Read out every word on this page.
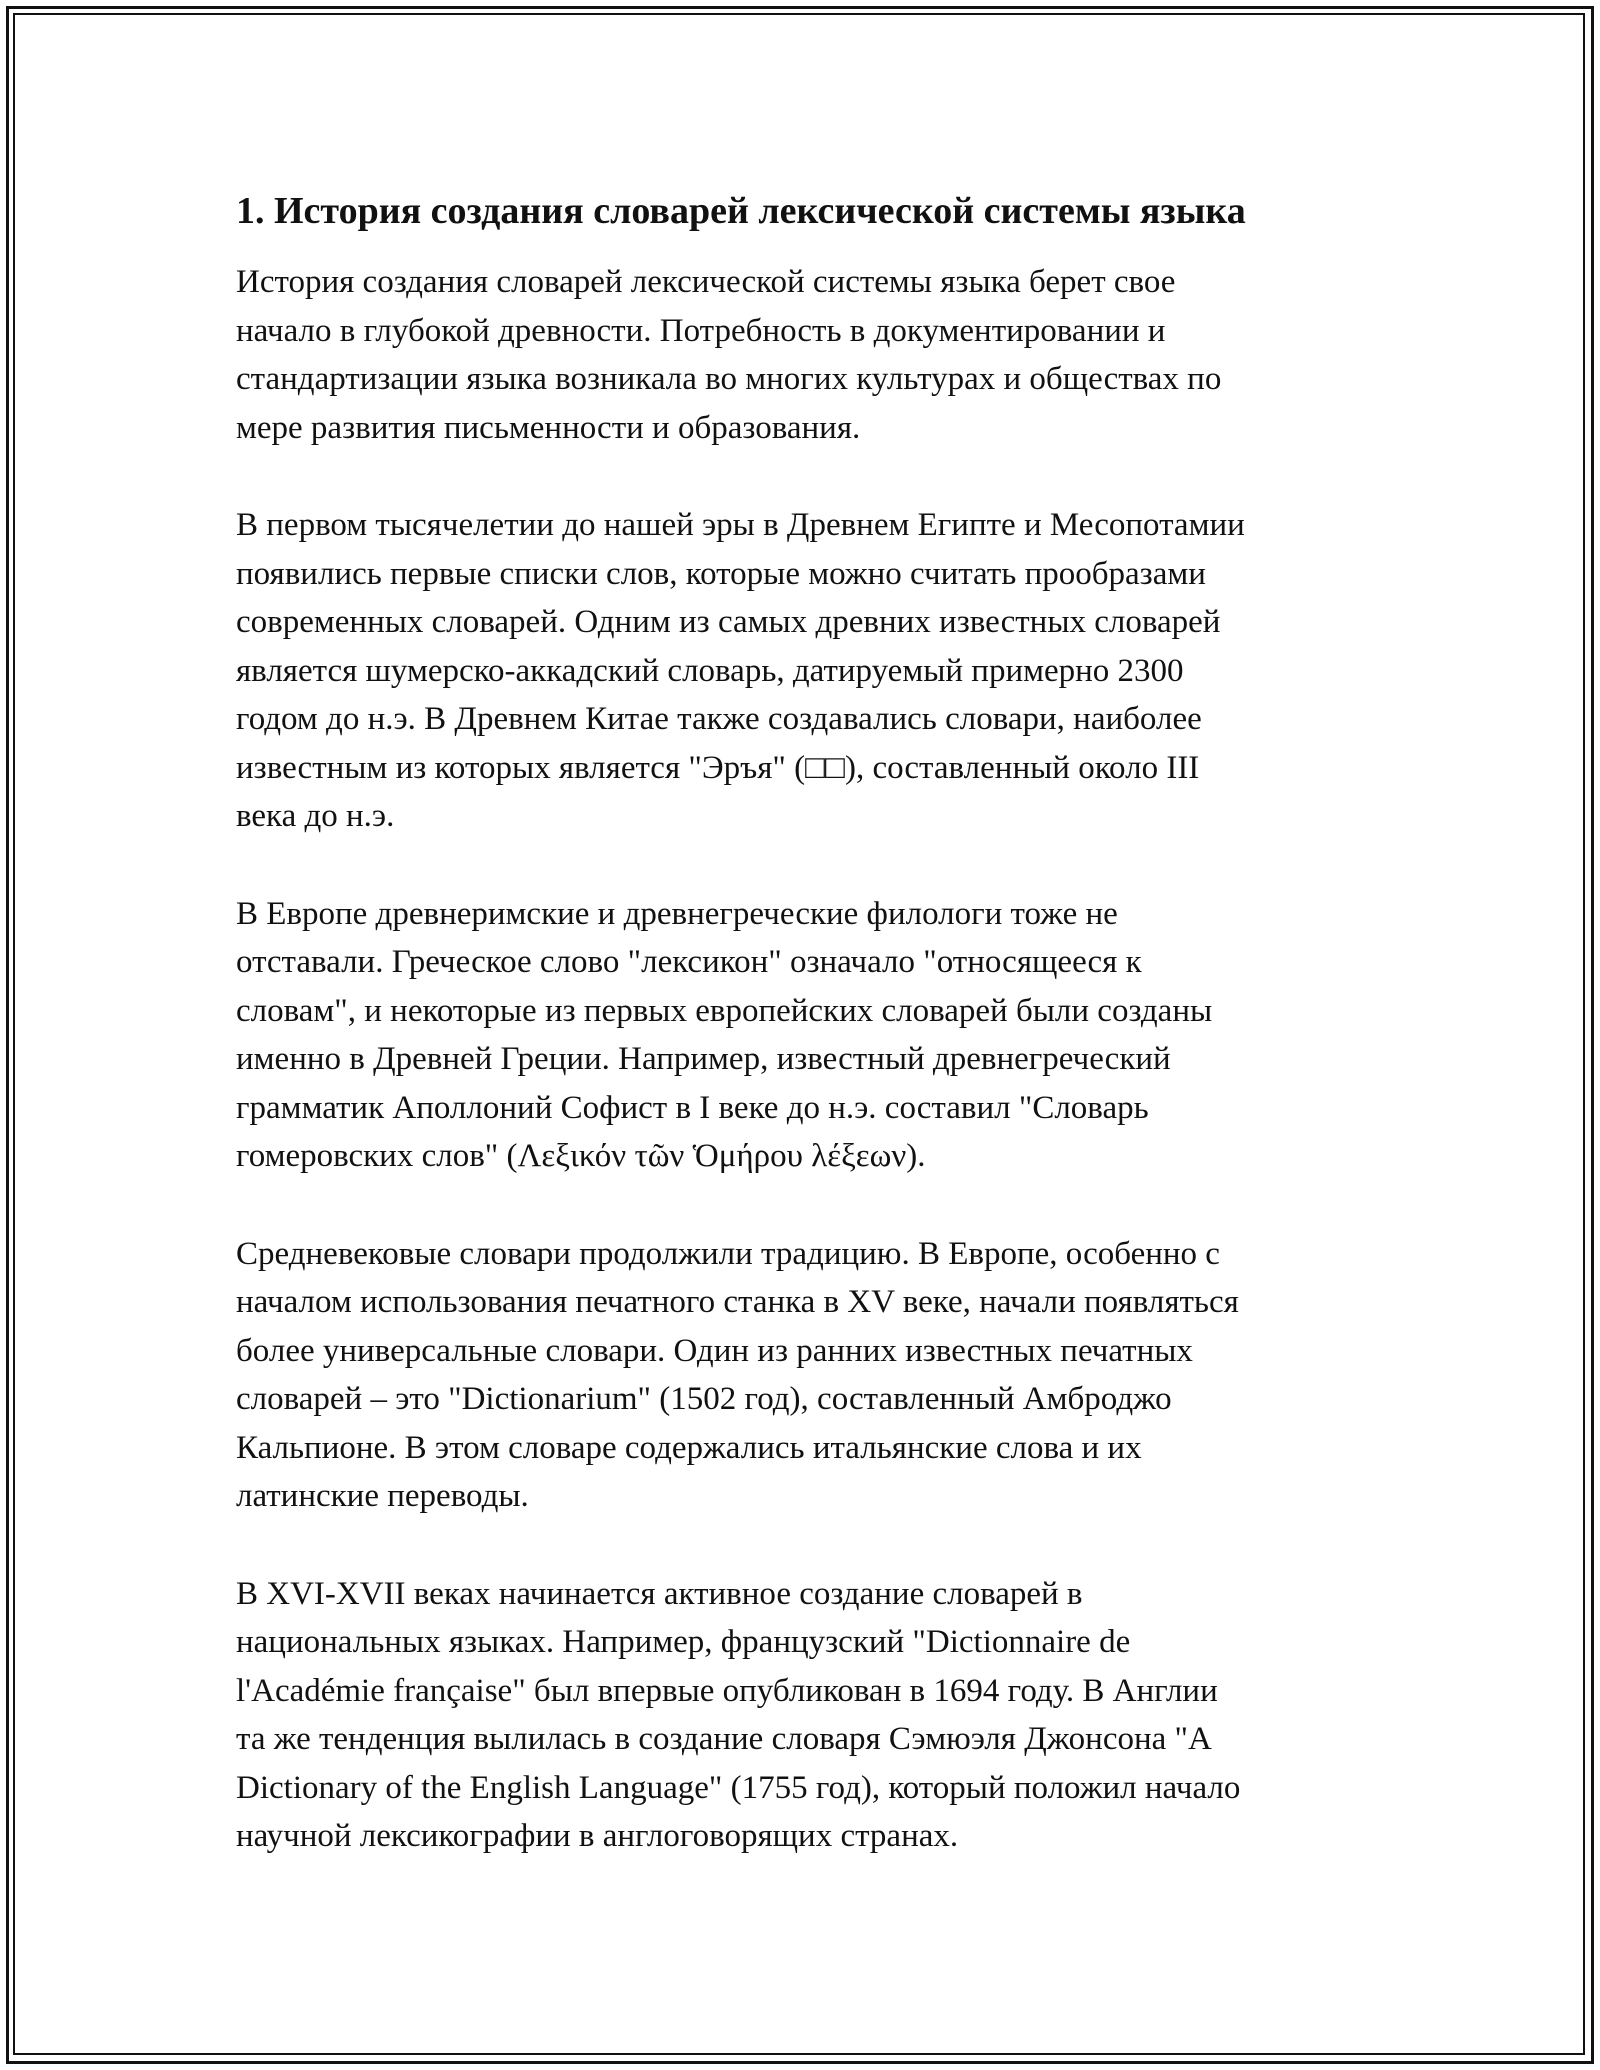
1. История создания словарей лексической системы языка
История создания словарей лексической системы языка берет свое
начало в глубокой древности. Потребность в документировании и
стандартизации языка возникала во многих культурах и обществах по
мере развития письменности и образования.
В первом тысячелетии до нашей эры в Древнем Египте и Месопотамии
появились первые списки слов, которые можно считать прообразами
современных словарей. Одним из самых древних известных словарей
является шумерско-аккадский словарь, датируемый примерно 2300
годом до н.э. В Древнем Китае также создавались словари, наиболее
известным из которых является "Эръя" (□□), составленный около III
века до н.э.
В Европе древнеримские и древнегреческие филологи тоже не
отставали. Греческое слово "лексикон" означало "относящееся к
словам", и некоторые из первых европейских словарей были созданы
именно в Древней Греции. Например, известный древнегреческий
грамматик Аполлоний Софист в I веке до н.э. составил "Словарь
гомеровских слов" (Λεξικόν τῶν Ὁμήρου λέξεων).
Средневековые словари продолжили традицию. В Европе, особенно с
началом использования печатного станка в XV веке, начали появляться
более универсальные словари. Один из ранних известных печатных
словарей – это "Dictionarium" (1502 год), составленный Амброджо
Кальпионе. В этом словаре содержались итальянские слова и их
латинские переводы.
В XVI-XVII веках начинается активное создание словарей в
национальных языках. Например, французский "Dictionnaire de
l'Académie française" был впервые опубликован в 1694 году. В Англии
та же тенденция вылилась в создание словаря Сэмюэля Джонсона "A
Dictionary of the English Language" (1755 год), который положил начало
научной лексикографии в англоговорящих странах.
